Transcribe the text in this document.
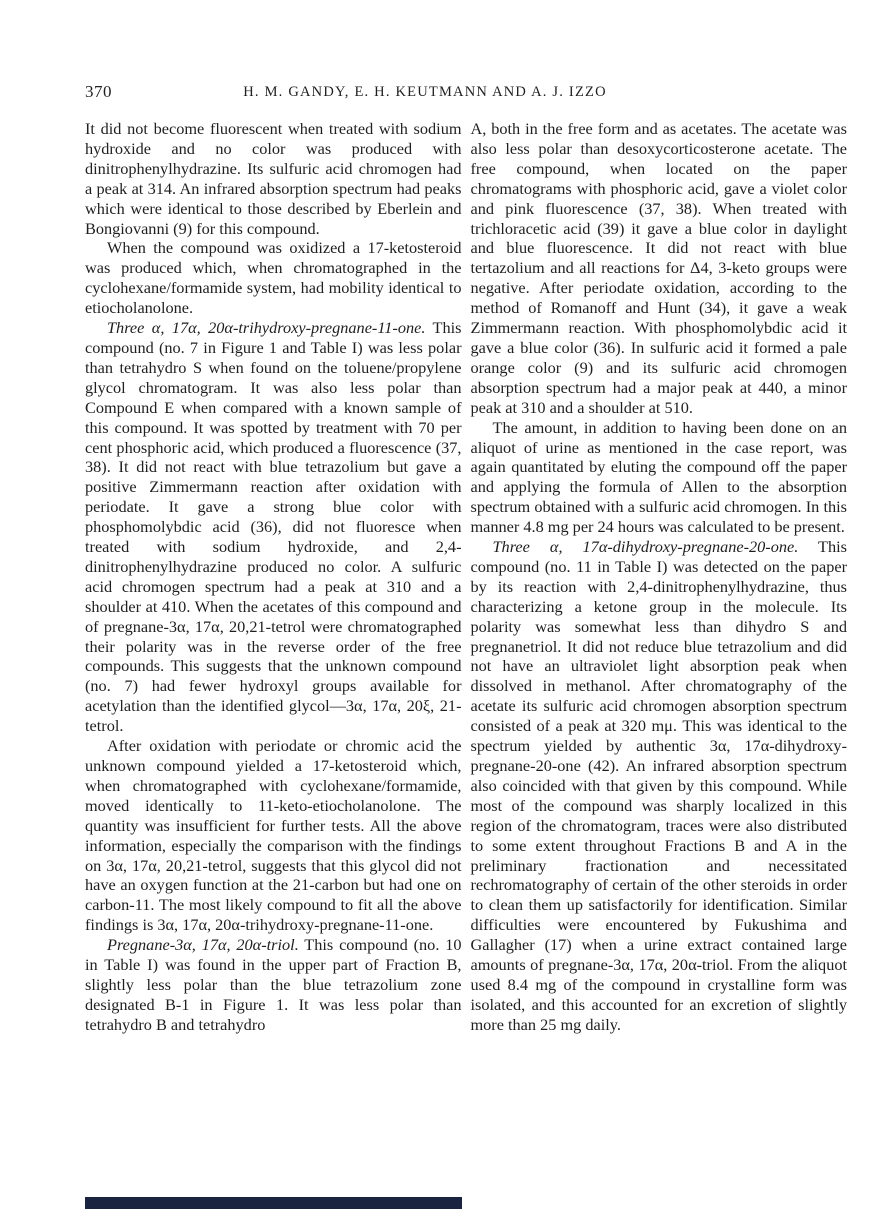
370	H. M. GANDY, E. H. KEUTMANN AND A. J. IZZO

It did not become fluorescent when treated with sodium hydroxide and no color was produced with dinitrophenylhydrazine. Its sulfuric acid chromogen had a peak at 314. An infrared absorption spectrum had peaks which were identical to those described by Eberlein and Bongiovanni (9) for this compound.

When the compound was oxidized a 17-ketosteroid was produced which, when chromatographed in the cyclohexane/formamide system, had mobility identical to etiocholanolone.

Three α, 17α, 20α-trihydroxy-pregnane-11-one. This compound (no. 7 in Figure 1 and Table I) was less polar than tetrahydro S when found on the toluene/propylene glycol chromatogram. It was also less polar than Compound E when compared with a known sample of this compound. It was spotted by treatment with 70 per cent phosphoric acid, which produced a fluorescence (37, 38). It did not react with blue tetrazolium but gave a positive Zimmermann reaction after oxidation with periodate. It gave a strong blue color with phosphomolybdic acid (36), did not fluoresce when treated with sodium hydroxide, and 2,4-dinitrophenylhydrazine produced no color. A sulfuric acid chromogen spectrum had a peak at 310 and a shoulder at 410. When the acetates of this compound and of pregnane-3α, 17α, 20,21-tetrol were chromatographed their polarity was in the reverse order of the free compounds. This suggests that the unknown compound (no. 7) had fewer hydroxyl groups available for acetylation than the identified glycol—3α, 17α, 20ξ, 21-tetrol.

After oxidation with periodate or chromic acid the unknown compound yielded a 17-ketosteroid which, when chromatographed with cyclohexane/formamide, moved identically to 11-keto-etiocholanolone. The quantity was insufficient for further tests. All the above information, especially the comparison with the findings on 3α, 17α, 20,21-tetrol, suggests that this glycol did not have an oxygen function at the 21-carbon but had one on carbon-11. The most likely compound to fit all the above findings is 3α, 17α, 20α-trihydroxy-pregnane-11-one.

Pregnane-3α, 17α, 20α-triol. This compound (no. 10 in Table I) was found in the upper part of Fraction B, slightly less polar than the blue tetrazolium zone designated B-1 in Figure 1. It was less polar than tetrahydro B and tetrahydro

A, both in the free form and as acetates. The acetate was also less polar than desoxycorticosterone acetate. The free compound, when located on the paper chromatograms with phosphoric acid, gave a violet color and pink fluorescence (37, 38). When treated with trichloracetic acid (39) it gave a blue color in daylight and blue fluorescence. It did not react with blue tertazolium and all reactions for Δ4, 3-keto groups were negative. After periodate oxidation, according to the method of Romanoff and Hunt (34), it gave a weak Zimmermann reaction. With phosphomolybdic acid it gave a blue color (36). In sulfuric acid it formed a pale orange color (9) and its sulfuric acid chromogen absorption spectrum had a major peak at 440, a minor peak at 310 and a shoulder at 510.

The amount, in addition to having been done on an aliquot of urine as mentioned in the case report, was again quantitated by eluting the compound off the paper and applying the formula of Allen to the absorption spectrum obtained with a sulfuric acid chromogen. In this manner 4.8 mg per 24 hours was calculated to be present.

Three α, 17α-dihydroxy-pregnane-20-one. This compound (no. 11 in Table I) was detected on the paper by its reaction with 2,4-dinitrophenylhydrazine, thus characterizing a ketone group in the molecule. Its polarity was somewhat less than dihydro S and pregnanetriol. It did not reduce blue tetrazolium and did not have an ultraviolet light absorption peak when dissolved in methanol. After chromatography of the acetate its sulfuric acid chromogen absorption spectrum consisted of a peak at 320 mμ. This was identical to the spectrum yielded by authentic 3α, 17α-dihydroxy-pregnane-20-one (42). An infrared absorption spectrum also coincided with that given by this compound. While most of the compound was sharply localized in this region of the chromatogram, traces were also distributed to some extent throughout Fractions B and A in the preliminary fractionation and necessitated rechromatography of certain of the other steroids in order to clean them up satisfactorily for identification. Similar difficulties were encountered by Fukushima and Gallagher (17) when a urine extract contained large amounts of pregnane-3α, 17α, 20α-triol. From the aliquot used 8.4 mg of the compound in crystalline form was isolated, and this accounted for an excretion of slightly more than 25 mg daily.
